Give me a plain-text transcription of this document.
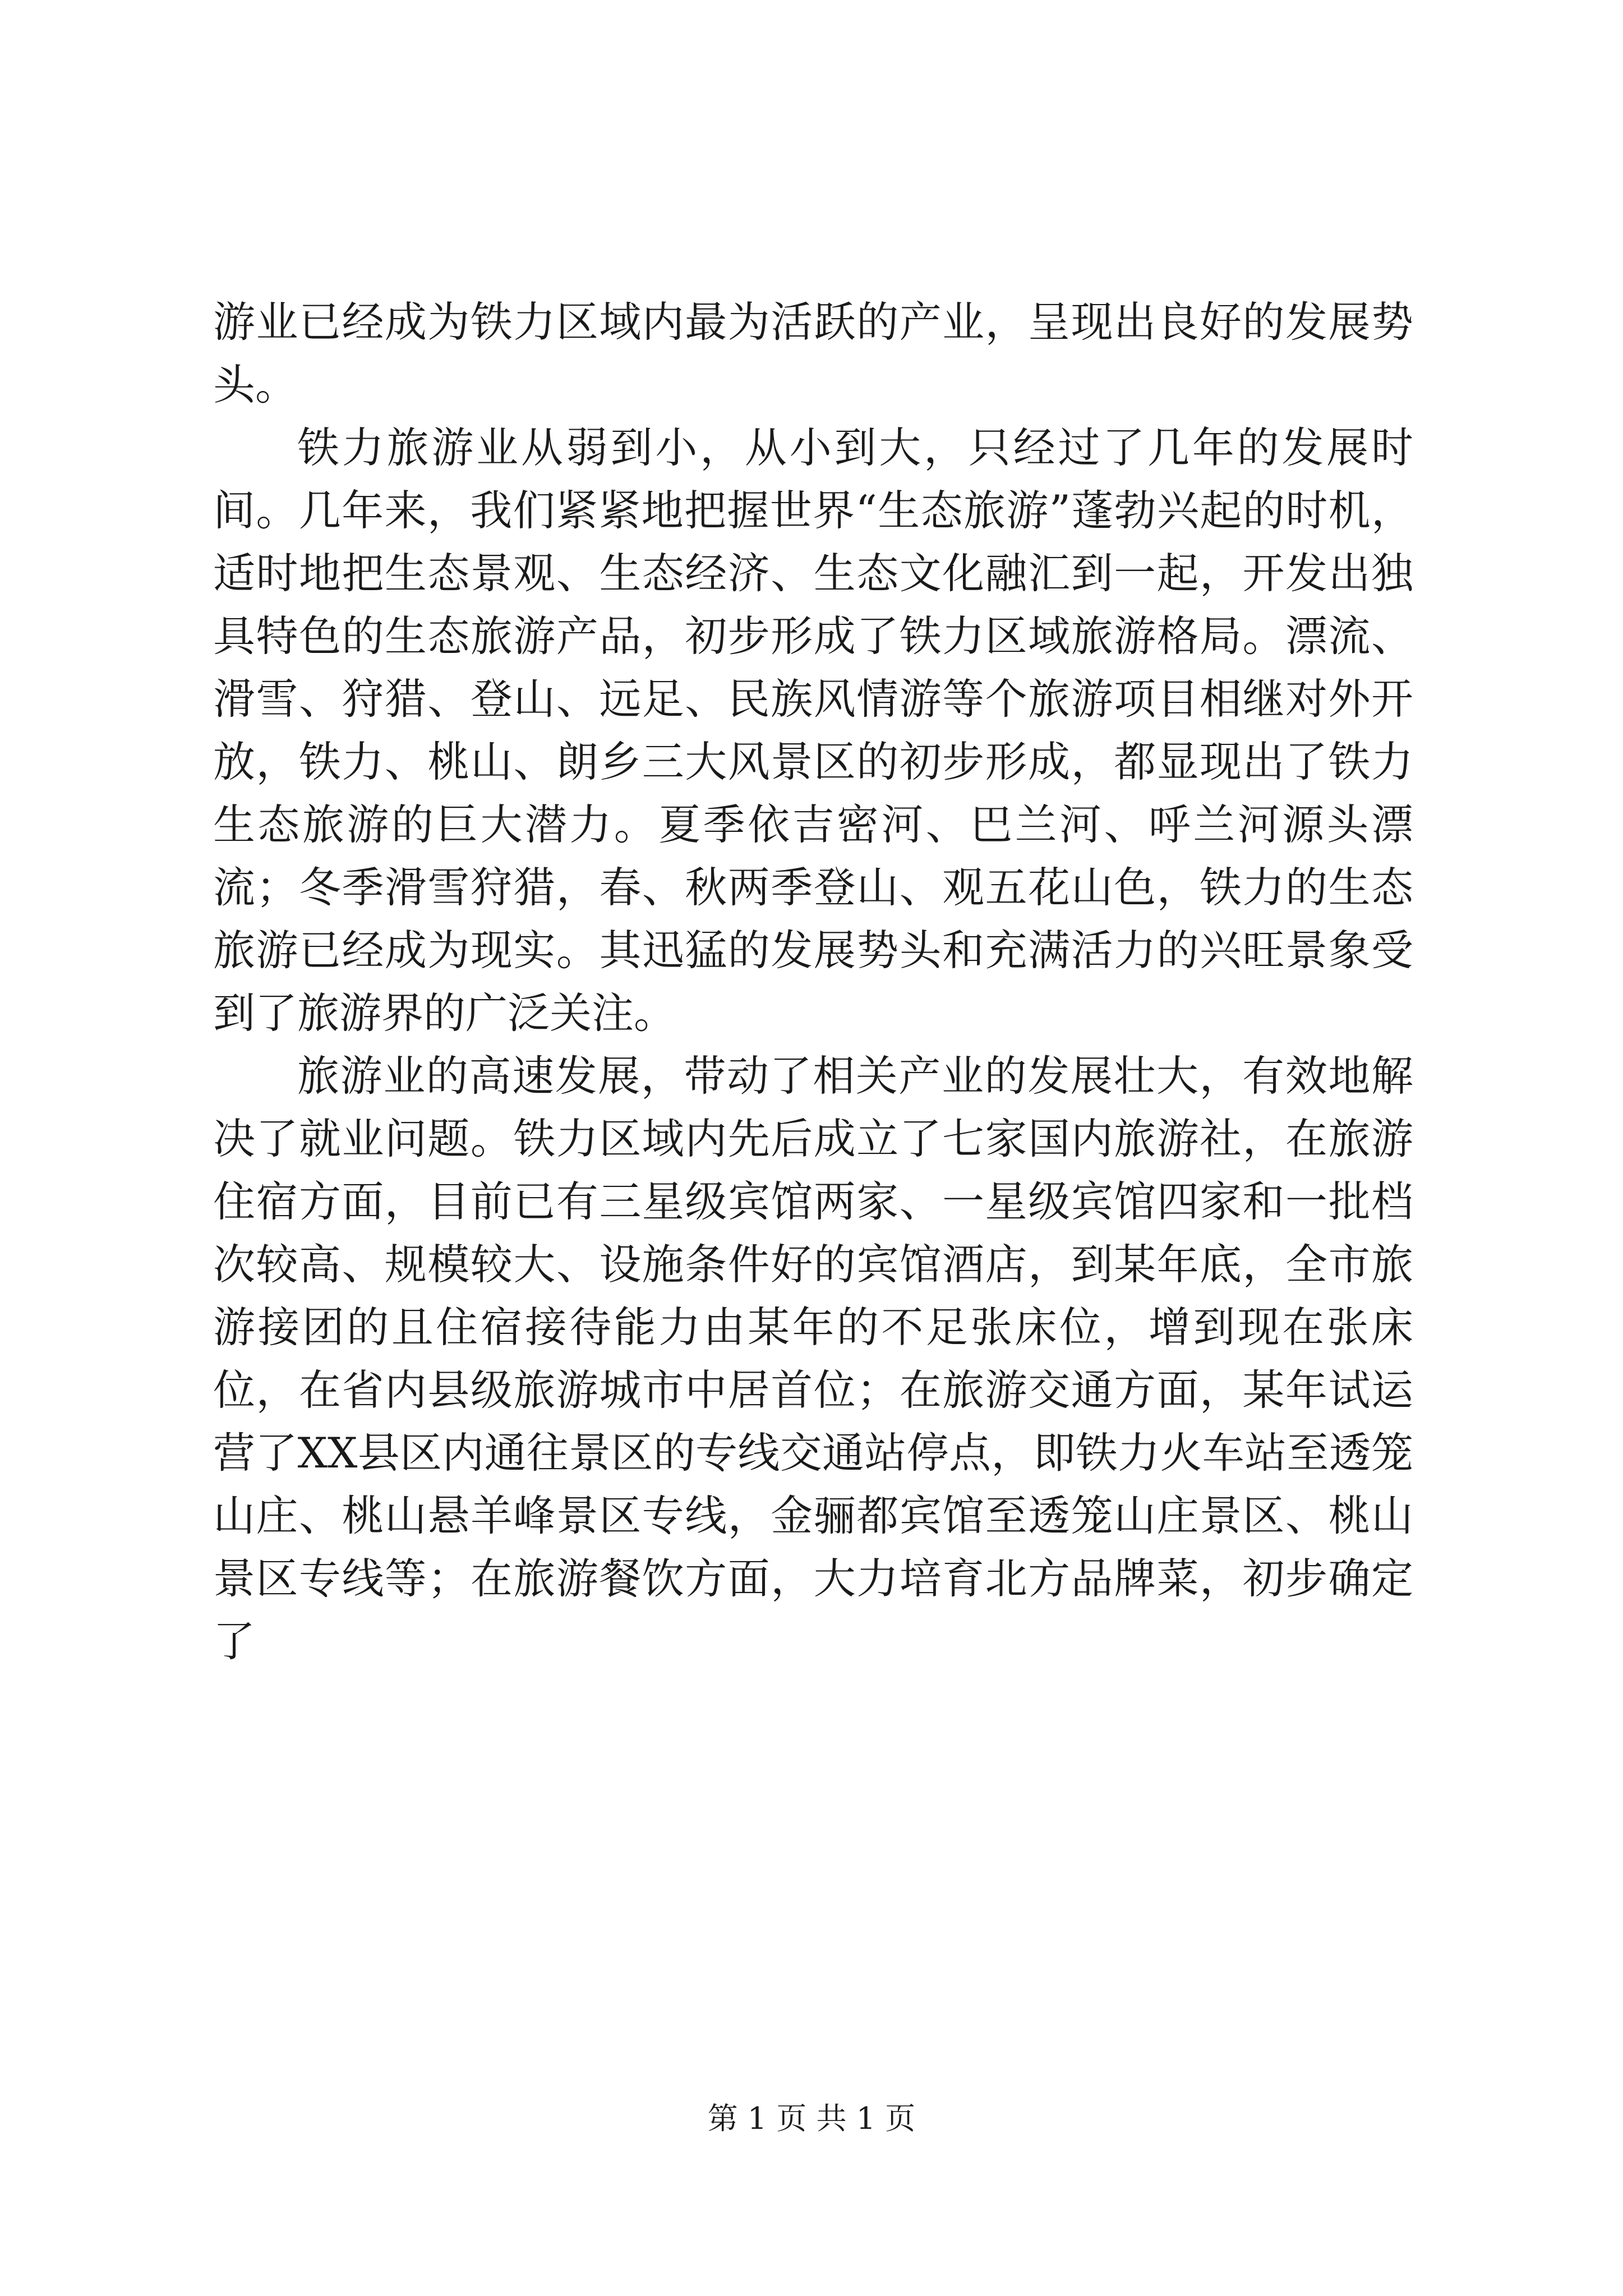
游业已经成为铁力区域内最为活跃的产业，呈现出良好的发展势头。

铁力旅游业从弱到小，从小到大，只经过了几年的发展时间。几年来，我们紧紧地把握世界“生态旅游”蓬勃兴起的时机，适时地把生态景观、生态经济、生态文化融汇到一起，开发出独具特色的生态旅游产品，初步形成了铁力区域旅游格局。漂流、滑雪、狩猎、登山、远足、民族风情游等个旅游项目相继对外开放，铁力、桃山、朗乡三大风景区的初步形成，都显现出了铁力生态旅游的巨大潜力。夏季依吉密河、巴兰河、呼兰河源头漂流；冬季滑雪狩猎，春、秋两季登山、观五花山色，铁力的生态旅游已经成为现实。其迅猛的发展势头和充满活力的兴旺景象受到了旅游界的广泛关注。

旅游业的高速发展，带动了相关产业的发展壮大，有效地解决了就业问题。铁力区域内先后成立了七家国内旅游社，在旅游住宿方面，目前已有三星级宾馆两家、一星级宾馆四家和一批档次较高、规模较大、设施条件好的宾馆酒店，到某年底，全市旅游接团的且住宿接待能力由某年的不足张床位，增到现在张床位，在省内县级旅游城市中居首位；在旅游交通方面，某年试运营了XX县区内通往景区的专线交通站停点，即铁力火车站至透笼山庄、桃山悬羊峰景区专线，金骊都宾馆至透笼山庄景区、桃山景区专线等；在旅游餐饮方面，大力培育北方品牌菜，初步确定了

第 1 页 共 1 页
